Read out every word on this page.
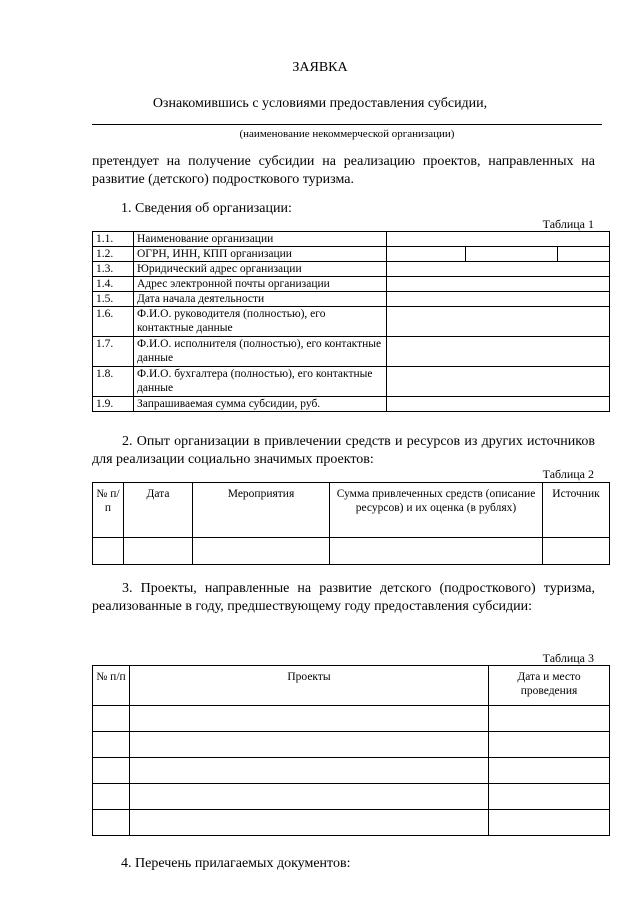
ЗАЯВКА
Ознакомившись с условиями предоставления субсидии,
(наименование некоммерческой организации)
претендует на получение субсидии на реализацию проектов, направленных на развитие (детского) подросткового туризма.
1. Сведения об организации:
Таблица 1
1.1.	Наименование организации			
1.2.	ОГРН, ИНН, КПП организации			
1.3.	Юридический адрес организации			
1.4.	Адрес электронной почты организации			
1.5.	Дата начала деятельности			
1.6.	Ф.И.О. руководителя (полностью), его контактные данные			
1.7.	Ф.И.О. исполнителя (полностью), его контактные данные			
1.8.	Ф.И.О. бухгалтера (полностью), его контактные данные			
1.9.	Запрашиваемая сумма субсидии, руб.			
2. Опыт организации в привлечении средств и ресурсов из других источников для реализации социально значимых проектов:
Таблица 2
№ п/п	Дата	Мероприятия	Сумма привлеченных средств (описание ресурсов) и их оценка (в рублях)	Источник

3. Проекты, направленные на развитие детского (подросткового) туризма, реализованные в году, предшествующему году предоставления субсидии:
Таблица 3
№ п/п	Проекты	Дата и место проведения

4. Перечень прилагаемых документов:
